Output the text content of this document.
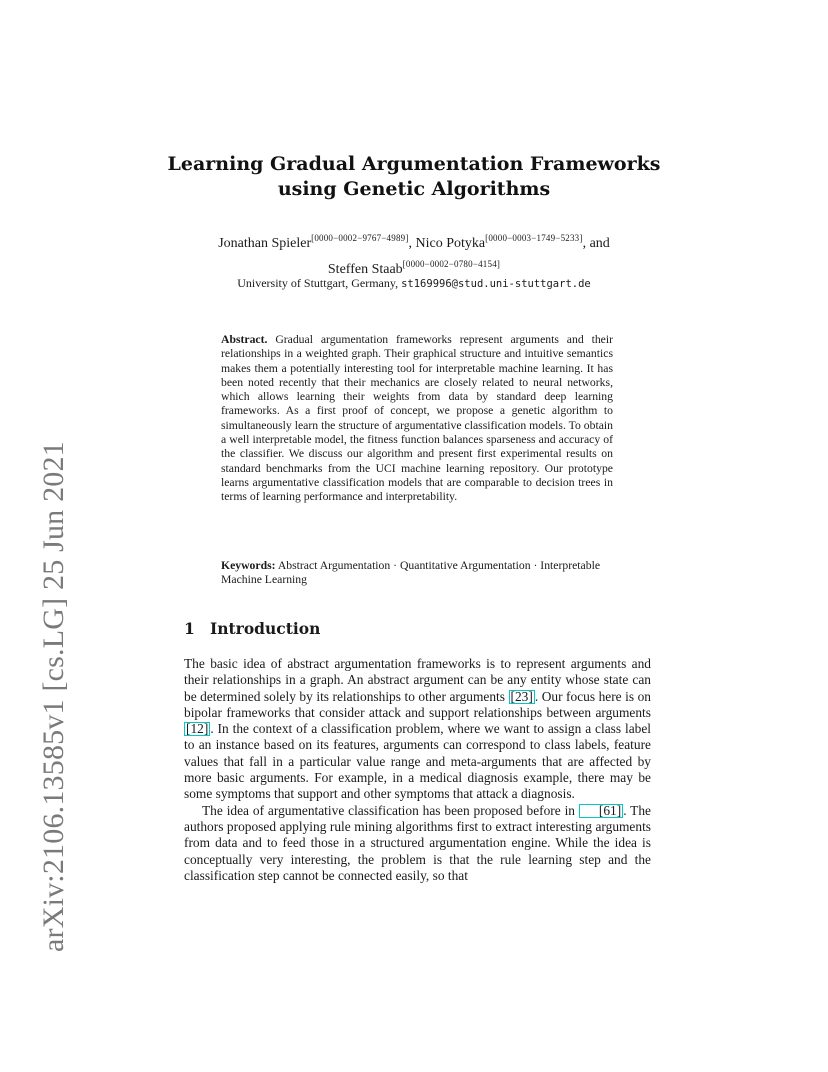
arXiv:2106.13585v1 [cs.LG] 25 Jun 2021
Learning Gradual Argumentation Frameworks
using Genetic Algorithms
Jonathan Spieler[0000−0002−9767−4989], Nico Potyka[0000−0003−1749−5233], and
Steffen Staab[0000−0002−0780−4154]
University of Stuttgart, Germany, st169996@stud.uni-stuttgart.de

Abstract. Gradual argumentation frameworks represent arguments and their relationships in a weighted graph. Their graphical structure and intuitive semantics makes them a potentially interesting tool for interpretable machine learning. It has been noted recently that their mechanics are closely related to neural networks, which allows learning their weights from data by standard deep learning frameworks. As a first proof of concept, we propose a genetic algorithm to simultaneously learn the structure of argumentative classification models. To obtain a well interpretable model, the fitness function balances sparseness and accuracy of the classifier. We discuss our algorithm and present first experimental results on standard benchmarks from the UCI machine learning repository. Our prototype learns argumentative classification models that are comparable to decision trees in terms of learning performance and interpretability.

Keywords: Abstract Argumentation · Quantitative Argumentation · Interpretable Machine Learning

1 Introduction

The basic idea of abstract argumentation frameworks is to represent arguments and their relationships in a graph. An abstract argument can be any entity whose state can be determined solely by its relationships to other arguments [23] . Our focus here is on bipolar frameworks that consider attack and support relationships between arguments [12] . In the context of a classification problem, where we want to assign a class label to an instance based on its features, arguments can correspond to class labels, feature values that fall in a particular value range and meta-arguments that are affected by more basic arguments. For example, in a medical diagnosis example, there may be some symptoms that support and other symptoms that attack a diagnosis.

The idea of argumentative classification has been proposed before in [61] . The authors proposed applying rule mining algorithms first to extract interesting arguments from data and to feed those in a structured argumentation engine. While the idea is conceptually very interesting, the problem is that the rule learning step and the classification step cannot be connected easily, so that
